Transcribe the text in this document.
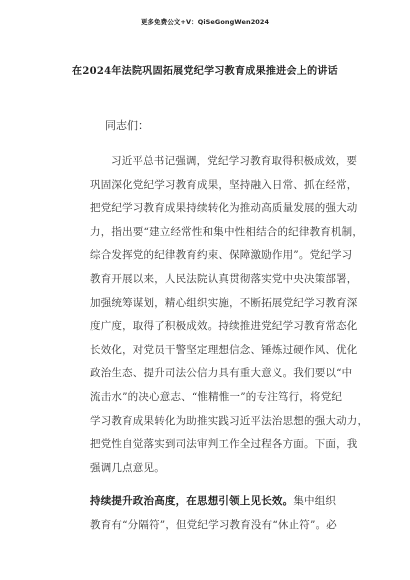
更多免费公文+V：QiSeGongWen2024
在2024年法院巩固拓展党纪学习教育成果推进会上的讲话
同志们：
习近平总书记强调，党纪学习教育取得积极成效，要
巩固深化党纪学习教育成果，坚持融入日常、抓在经常，
把党纪学习教育成果持续转化为推动高质量发展的强大动
力，指出要“建立经常性和集中性相结合的纪律教育机制，
综合发挥党的纪律教育约束、保障激励作用”。党纪学习
教育开展以来，人民法院认真贯彻落实党中央决策部署，
加强统筹谋划，精心组织实施，不断拓展党纪学习教育深
度广度，取得了积极成效。持续推进党纪学习教育常态化
长效化，对党员干警坚定理想信念、锤炼过硬作风、优化
政治生态、提升司法公信力具有重大意义。我们要以“中
流击水”的决心意志、“惟精惟一”的专注笃行，将党纪
学习教育成果转化为助推实践习近平法治思想的强大动力，
把党性自觉落实到司法审判工作全过程各方面。下面，我
强调几点意见。
持续提升政治高度，在思想引领上见长效。集中组织
教育有“分隔符”，但党纪学习教育没有“休止符”。必
